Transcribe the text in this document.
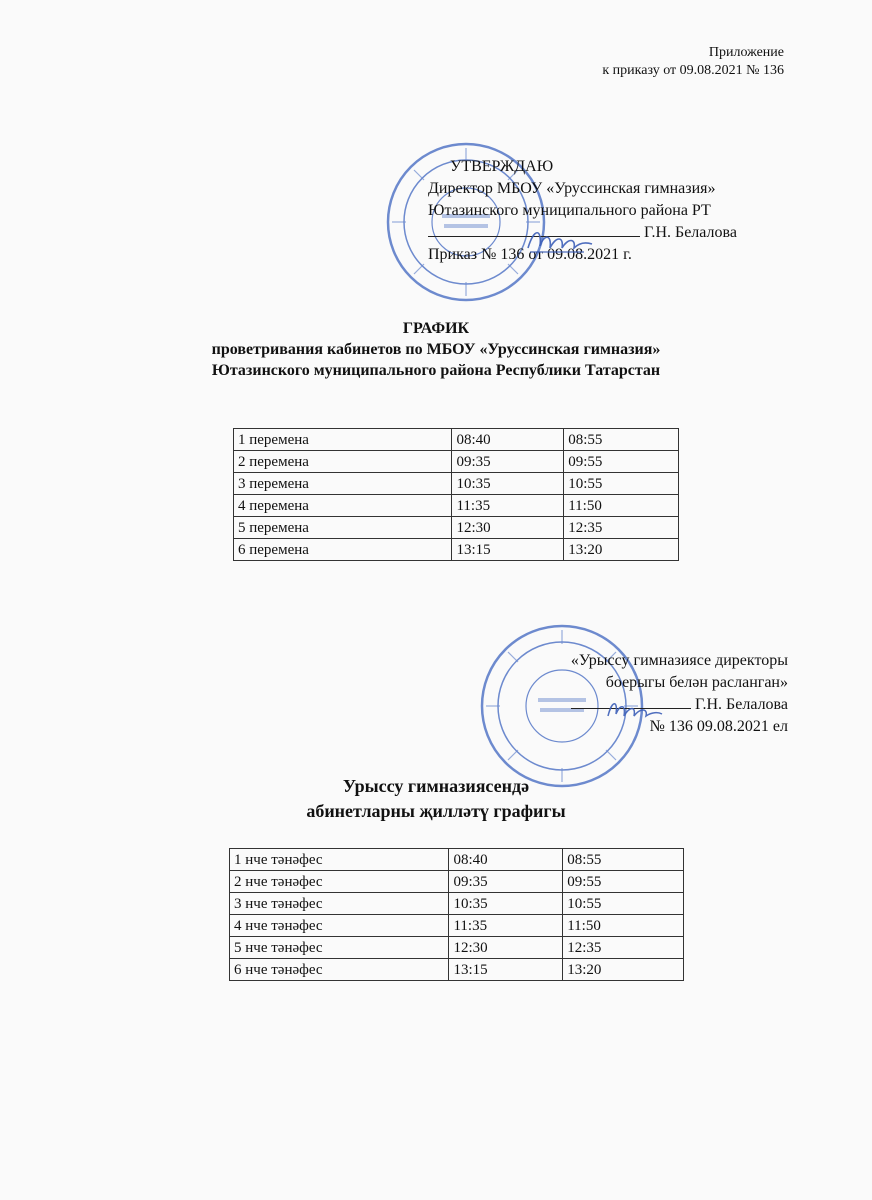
Приложение
к приказу от 09.08.2021 № 136
УТВЕРЖДАЮ
Директор МБОУ «Уруссинская гимназия»
Ютазинского муниципального района РТ
Г.Н. Белалова
Приказ № 136 от 09.08.2021 г.
ГРАФИК
проветривания кабинетов по МБОУ «Уруссинская гимназия»
Ютазинского муниципального района Республики Татарстан
1 перемена	08:40	08:55
2 перемена	09:35	09:55
3 перемена	10:35	10:55
4 перемена	11:35	11:50
5 перемена	12:30	12:35
6 перемена	13:15	13:20
«Урыссу гимназиясе директоры
боерыгы белән расланган»
Г.Н. Белалова
№ 136 09.08.2021 ел
Урыссу гимназиясендә
абинетларны җилләтү графигы
1 нче тәнәфес	08:40	08:55
2 нче тәнәфес	09:35	09:55
3 нче тәнәфес	10:35	10:55
4 нче тәнәфес	11:35	11:50
5 нче тәнәфес	12:30	12:35
6 нче тәнәфес	13:15	13:20
